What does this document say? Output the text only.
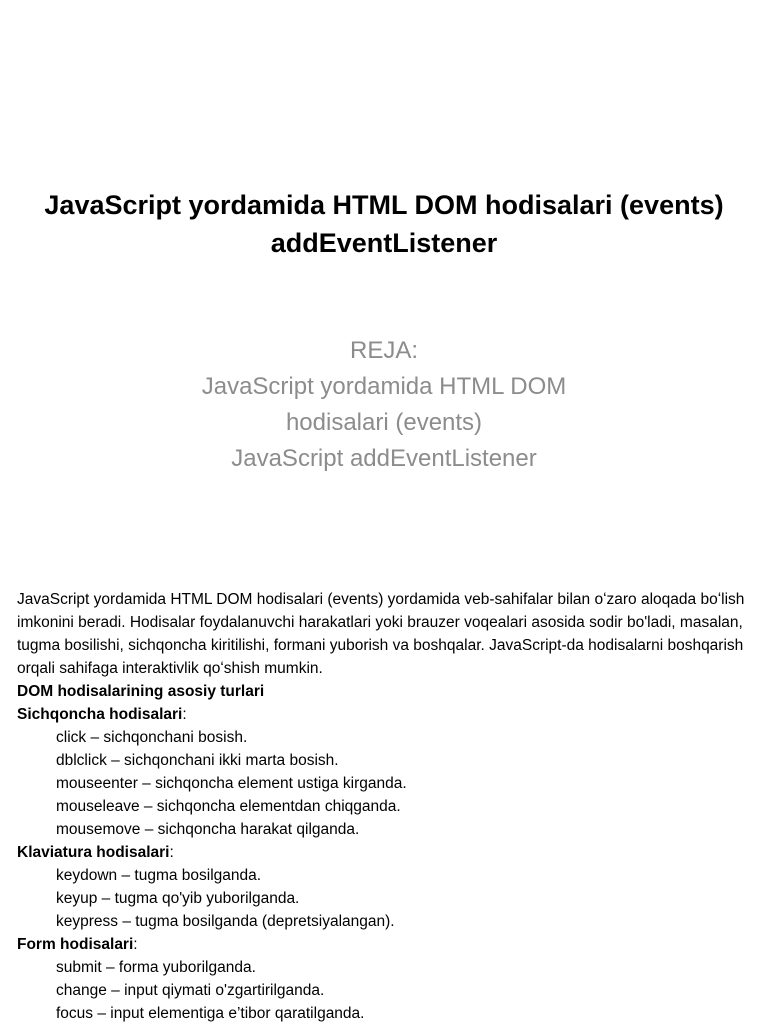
JavaScript yordamida HTML DOM hodisalari (events) addEventListener
REJA:
JavaScript yordamida HTML DOM
hodisalari (events)
JavaScript addEventListener

JavaScript yordamida HTML DOM hodisalari (events) yordamida veb-sahifalar bilan oʻzaro aloqada boʻlish imkonini beradi. Hodisalar foydalanuvchi harakatlari yoki brauzer voqealari asosida sodir bo'ladi, masalan, tugma bosilishi, sichqoncha kiritilishi, formani yuborish va boshqalar. JavaScript-da hodisalarni boshqarish orqali sahifaga interaktivlik qoʻshish mumkin.

DOM hodisalarining asosiy turlari
Sichqoncha hodisalari:
click – sichqonchani bosish.
dblclick – sichqonchani ikki marta bosish.
mouseenter – sichqoncha element ustiga kirganda.
mouseleave – sichqoncha elementdan chiqganda.
mousemove – sichqoncha harakat qilganda.
Klaviatura hodisalari:
keydown – tugma bosilganda.
keyup – tugma qo'yib yuborilganda.
keypress – tugma bosilganda (depretsiyalangan).
Form hodisalari:
submit – forma yuborilganda.
change – input qiymati o'zgartirilganda.
focus – input elementiga e’tibor qaratilganda.
